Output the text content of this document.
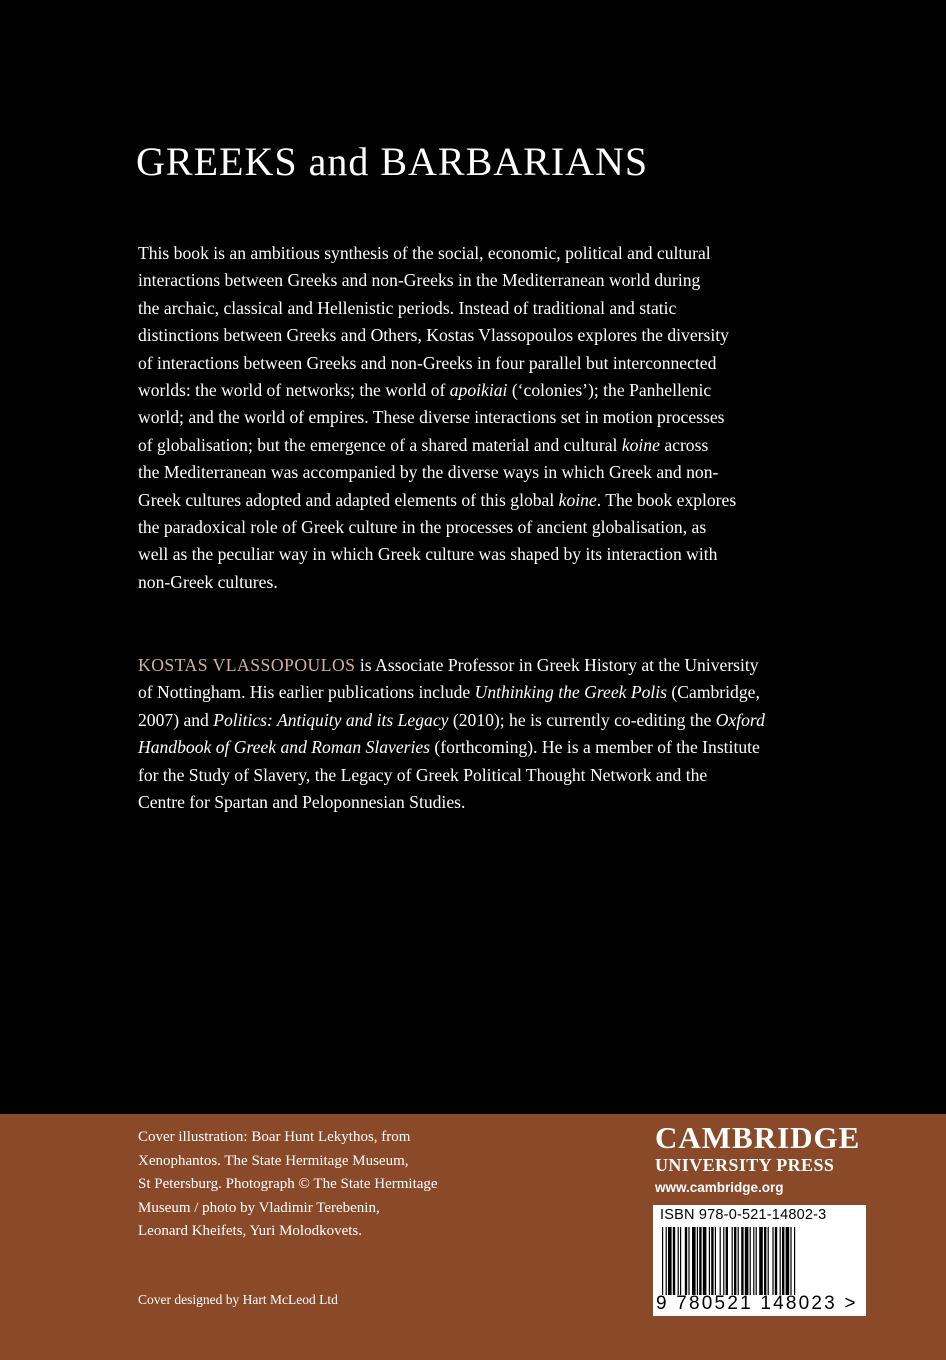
GREEKS and BARBARIANS

This book is an ambitious synthesis of the social, economic, political and cultural

interactions between Greeks and non-Greeks in the Mediterranean world during

the archaic, classical and Hellenistic periods. Instead of traditional and static

distinctions between Greeks and Others, Kostas Vlassopoulos explores the diversity

of interactions between Greeks and non-Greeks in four parallel but interconnected

worlds: the world of networks; the world of apoikiai (‘colonies’); the Panhellenic

world; and the world of empires. These diverse interactions set in motion processes

of globalisation; but the emergence of a shared material and cultural koine across

the Mediterranean was accompanied by the diverse ways in which Greek and non-

Greek cultures adopted and adapted elements of this global koine. The book explores

the paradoxical role of Greek culture in the processes of ancient globalisation, as

well as the peculiar way in which Greek culture was shaped by its interaction with

non-Greek cultures.

KOSTAS VLASSOPOULOS is Associate Professor in Greek History at the University

of Nottingham. His earlier publications include Unthinking the Greek Polis (Cambridge,

2007) and Politics: Antiquity and its Legacy (2010); he is currently co-editing the Oxford

Handbook of Greek and Roman Slaveries (forthcoming). He is a member of the Institute

for the Study of Slavery, the Legacy of Greek Political Thought Network and the

Centre for Spartan and Peloponnesian Studies.

Cover illustration: Boar Hunt Lekythos, from

Xenophantos. The State Hermitage Museum,

St Petersburg. Photograph © The State Hermitage

Museum / photo by Vladimir Terebenin,

Leonard Kheifets, Yuri Molodkovets.

Cover designed by Hart McLeod Ltd
CAMBRIDGE
UNIVERSITY PRESS
www.cambridge.org
ISBN 978-0-521-14802-3
9 780521 148023 >
